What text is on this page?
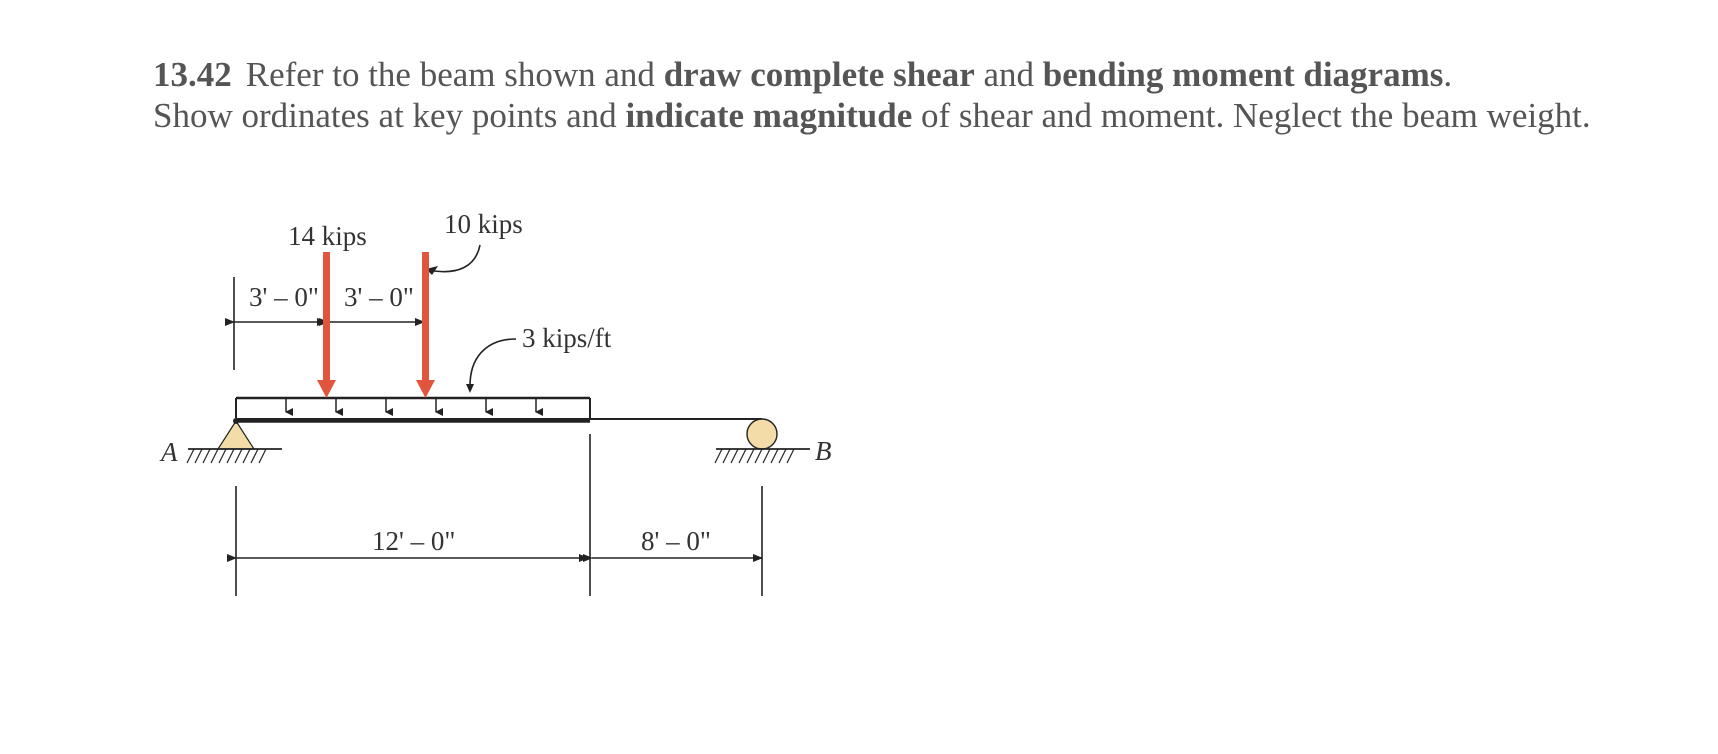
13.42 Refer to the beam shown and draw complete shear and bending moment diagrams.
Show ordinates at key points and indicate magnitude of shear and moment. Neglect the beam weight.
14 kips	10 kips
3' – 0" 3' – 0"
3 kips/ft
12' – 0"	8' – 0"
A	B
